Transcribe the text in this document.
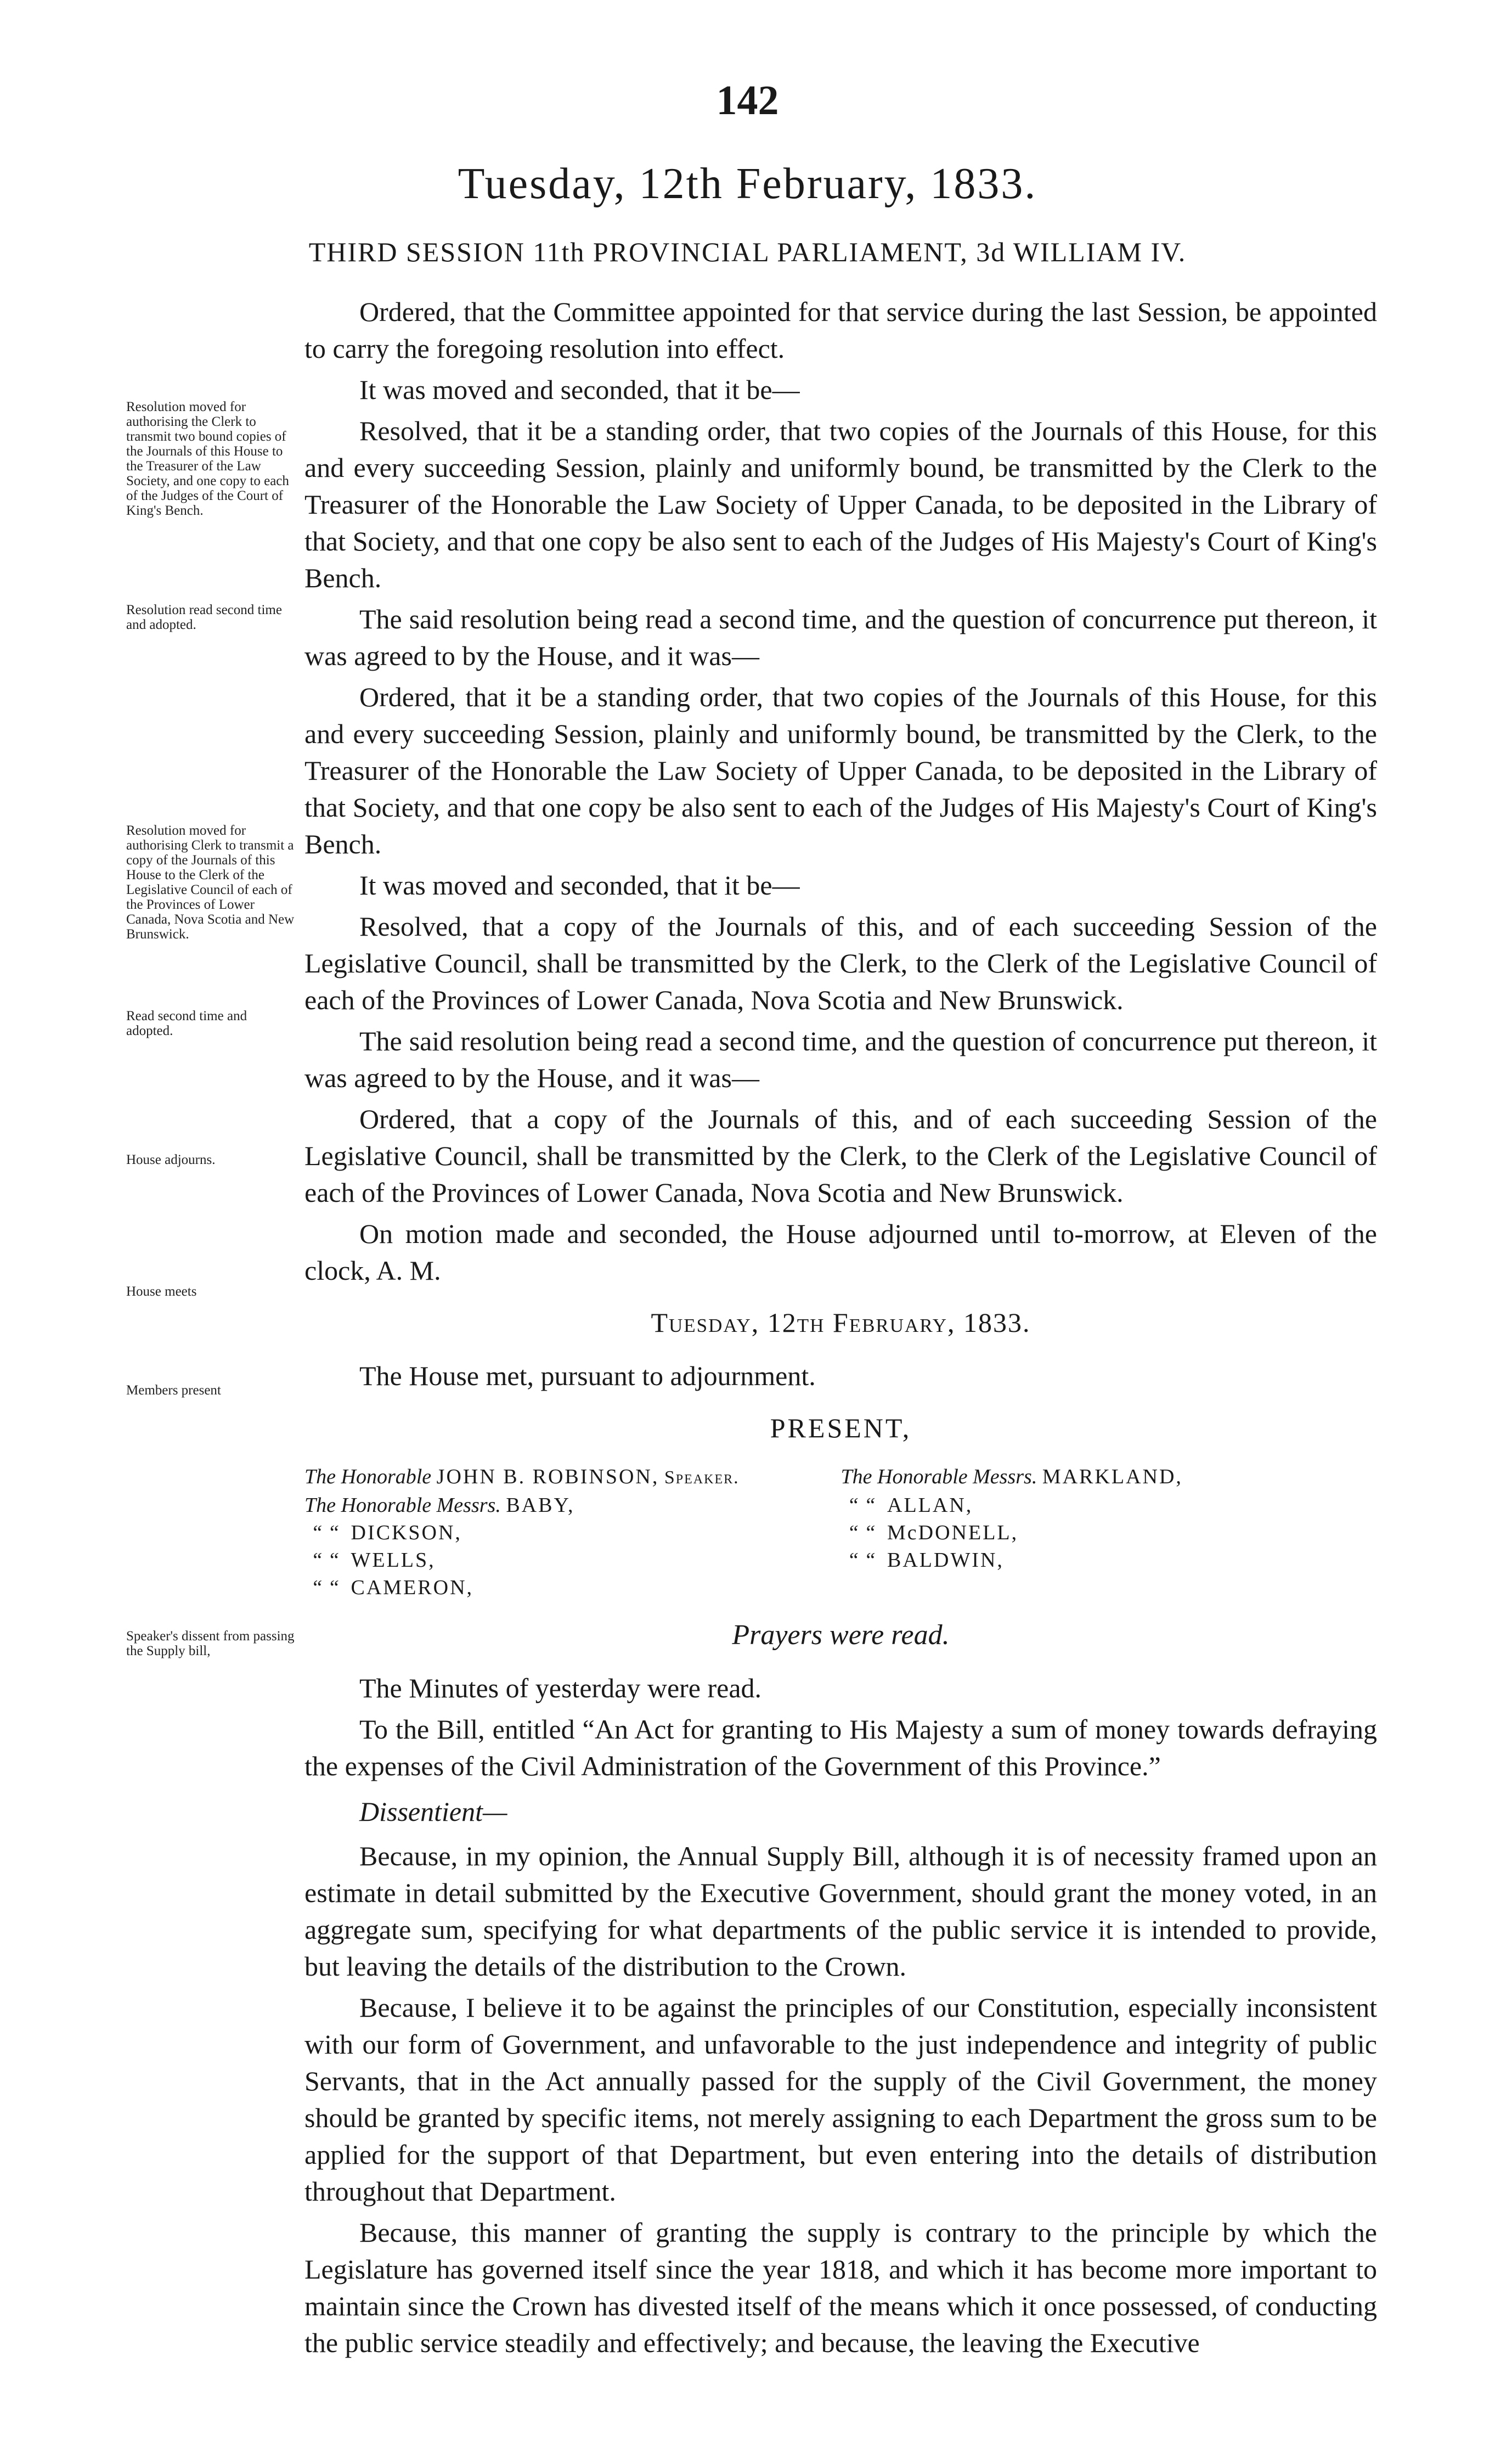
142
Tuesday, 12th February, 1833.
THIRD SESSION 11th PROVINCIAL PARLIAMENT, 3d WILLIAM IV.
Resolution moved for authorising the Clerk to transmit two bound copies of the Journals of this House to the Treasurer of the Law Society, and one copy to each of the Judges of the Court of King's Bench.
Resolution read second time and adopted.
Resolution moved for authorising Clerk to transmit a copy of the Journals of this House to the Clerk of the Legislative Council of each of the Provinces of Lower Canada, Nova Scotia and New Brunswick.
Read second time and adopted.
House adjourns.
House meets
Members present
Speaker's dissent from passing the Supply bill,

Ordered, that the Committee appointed for that service during the last Session, be appointed to carry the foregoing resolution into effect.

It was moved and seconded, that it be—

Resolved, that it be a standing order, that two copies of the Journals of this House, for this and every succeeding Session, plainly and uniformly bound, be transmitted by the Clerk to the Treasurer of the Honorable the Law Society of Upper Canada, to be deposited in the Library of that Society, and that one copy be also sent to each of the Judges of His Majesty's Court of King's Bench.

The said resolution being read a second time, and the question of concurrence put thereon, it was agreed to by the House, and it was—

Ordered, that it be a standing order, that two copies of the Journals of this House, for this and every succeeding Session, plainly and uniformly bound, be transmitted by the Clerk, to the Treasurer of the Honorable the Law Society of Upper Canada, to be deposited in the Library of that Society, and that one copy be also sent to each of the Judges of His Majesty's Court of King's Bench.

It was moved and seconded, that it be—

Resolved, that a copy of the Journals of this, and of each succeeding Session of the Legislative Council, shall be transmitted by the Clerk, to the Clerk of the Legislative Council of each of the Provinces of Lower Canada, Nova Scotia and New Brunswick.

The said resolution being read a second time, and the question of concurrence put thereon, it was agreed to by the House, and it was—

Ordered, that a copy of the Journals of this, and of each succeeding Session of the Legislative Council, shall be transmitted by the Clerk, to the Clerk of the Legislative Council of each of the Provinces of Lower Canada, Nova Scotia and New Brunswick.

On motion made and seconded, the House adjourned until to-morrow, at Eleven of the clock, A. M.

Tuesday, 12th February, 1833.

The House met, pursuant to adjournment.

PRESENT,

The Honorable JOHN B. ROBINSON, Speaker.	The Honorable Messrs. MARKLAND,
The Honorable Messrs. BABY,	“ “ ALLAN,
“ “ DICKSON,	“ “ McDONELL,
“ “ WELLS,	“ “ BALDWIN,
“ “ CAMERON,	

Prayers were read.

The Minutes of yesterday were read.

To the Bill, entitled “An Act for granting to His Majesty a sum of money towards defraying the expenses of the Civil Administration of the Government of this Province.”

Dissentient—

Because, in my opinion, the Annual Supply Bill, although it is of necessity framed upon an estimate in detail submitted by the Executive Government, should grant the money voted, in an aggregate sum, specifying for what departments of the public service it is intended to provide, but leaving the details of the distribution to the Crown.

Because, I believe it to be against the principles of our Constitution, especially inconsistent with our form of Government, and unfavorable to the just independence and integrity of public Servants, that in the Act annually passed for the supply of the Civil Government, the money should be granted by specific items, not merely assigning to each Department the gross sum to be applied for the support of that Department, but even entering into the details of distribution throughout that Department.

Because, this manner of granting the supply is contrary to the principle by which the Legislature has governed itself since the year 1818, and which it has become more important to maintain since the Crown has divested itself of the means which it once possessed, of conducting the public service steadily and effectively; and because, the leaving the Executive
